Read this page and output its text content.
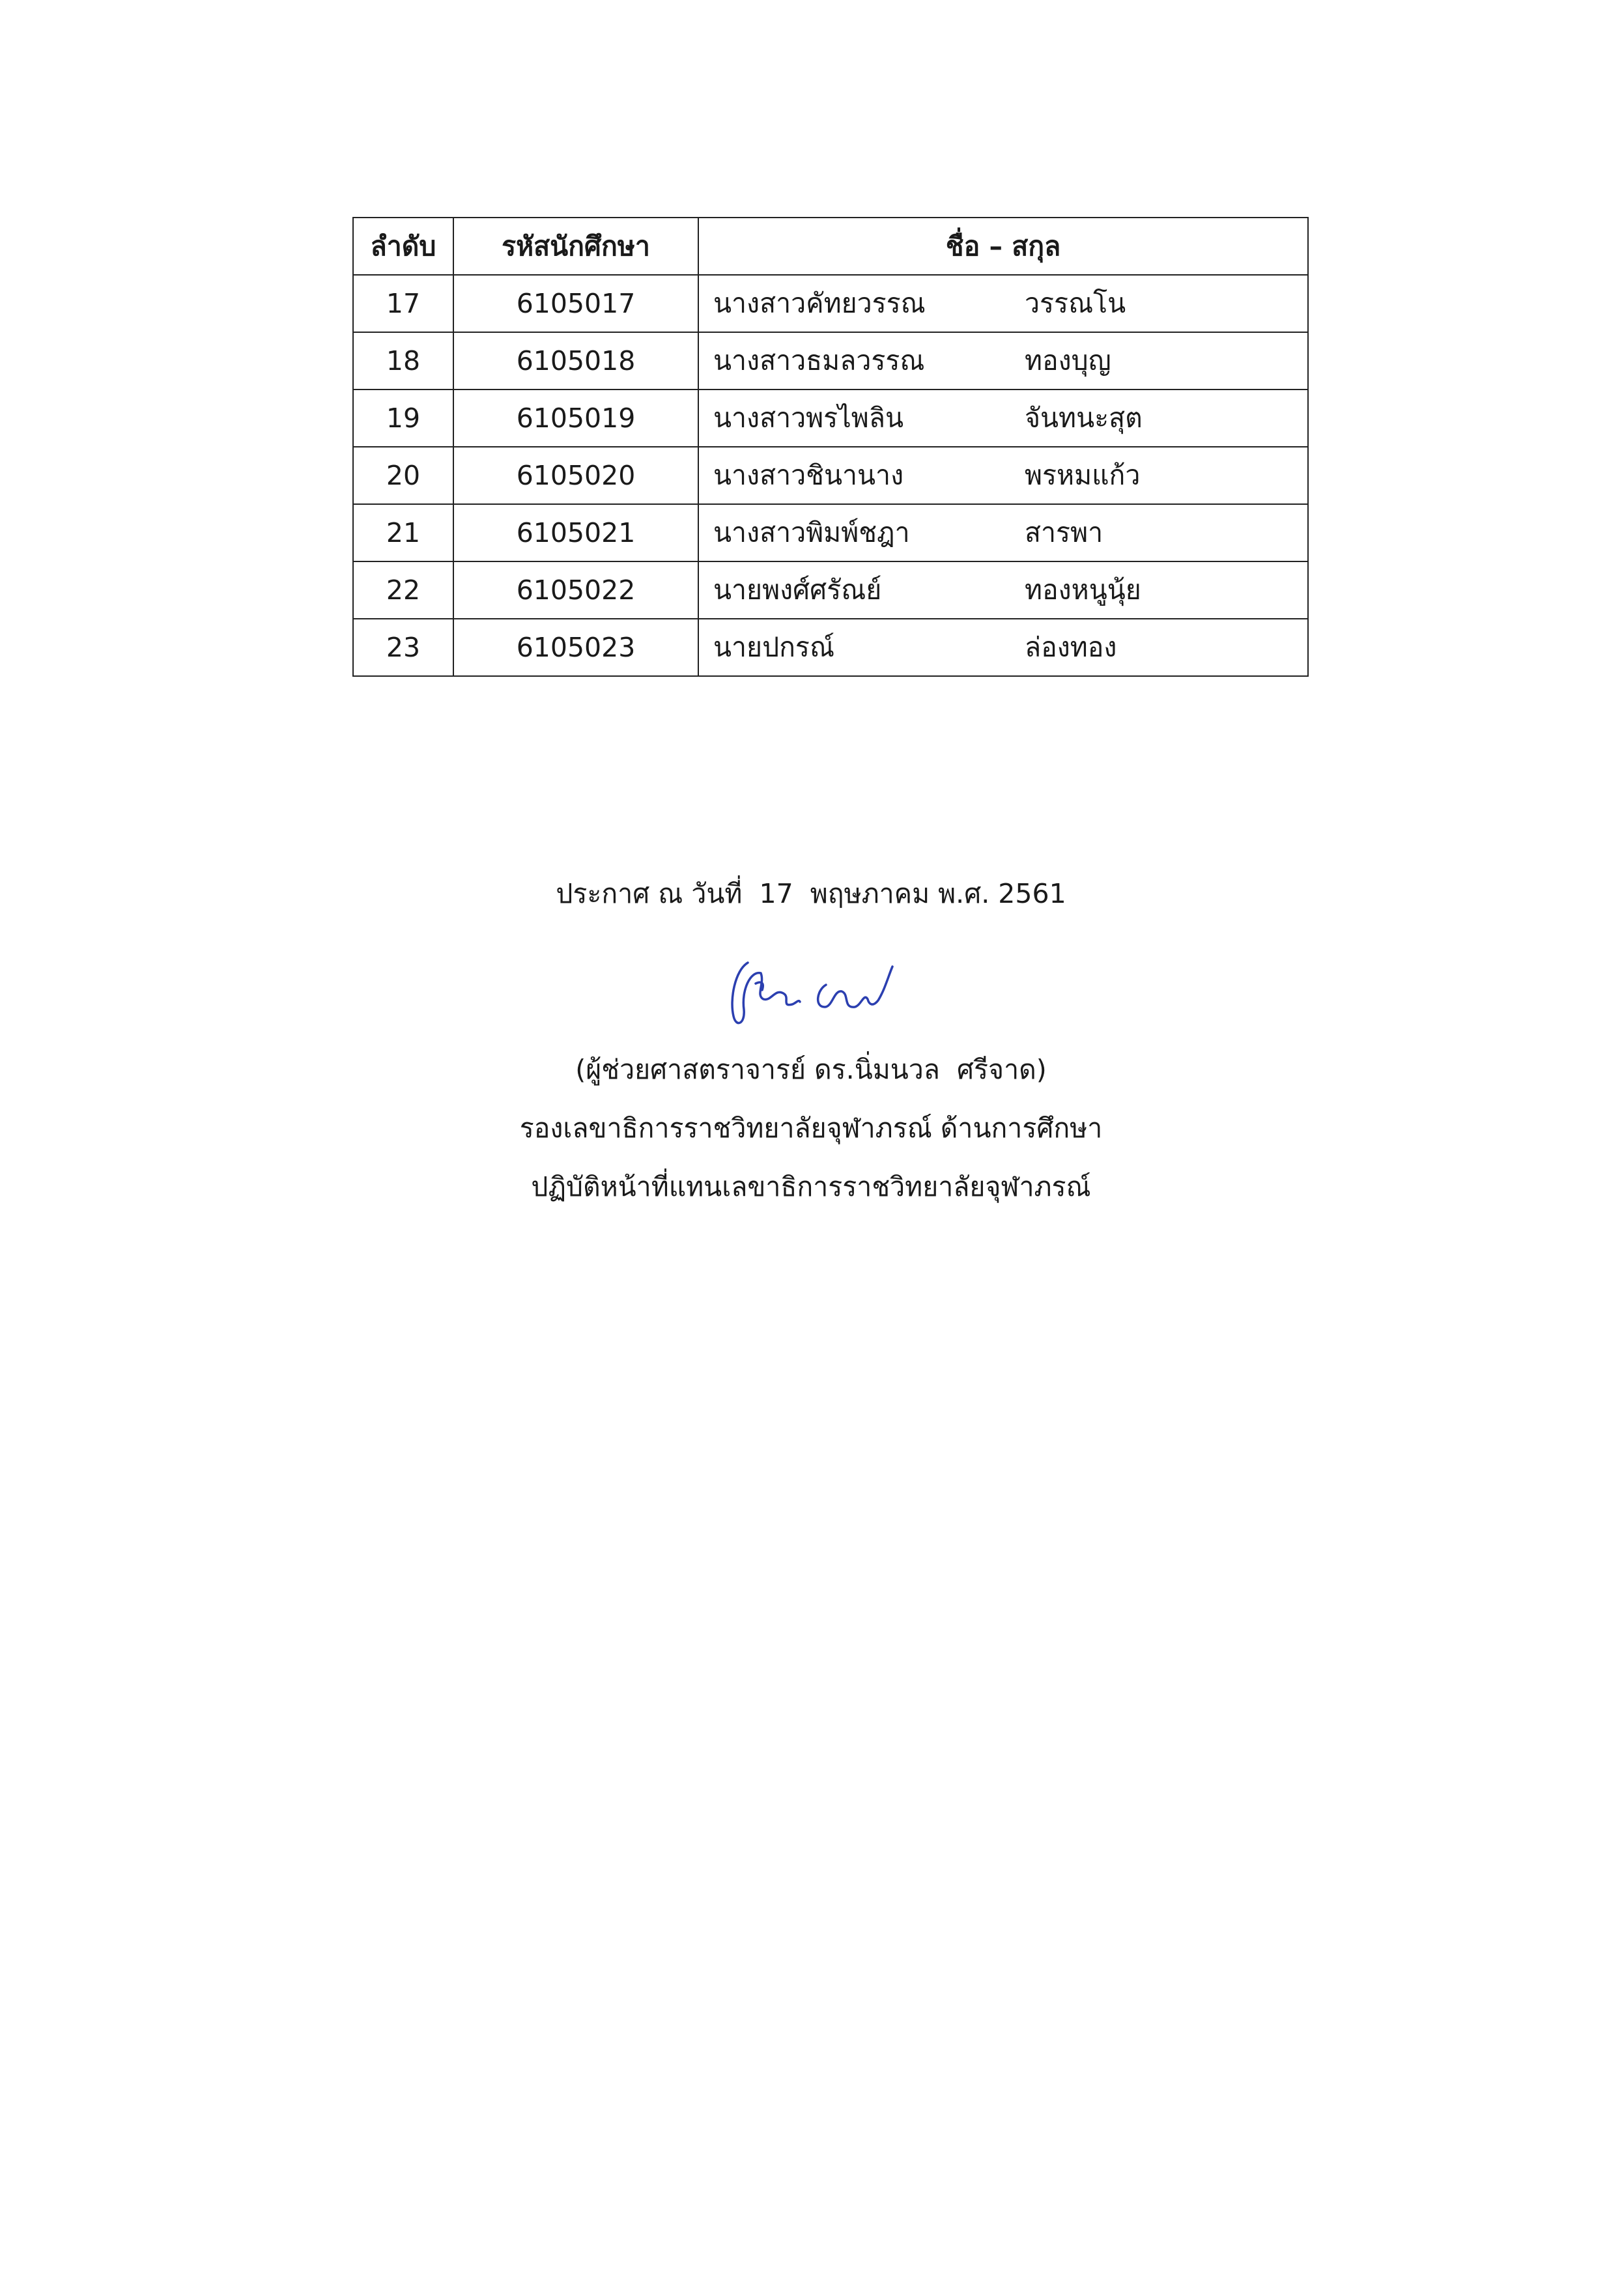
ลำดับ	รหัสนักศึกษา	ชื่อ – สกุล
17	6105017	นางสาวคัทยวรรณ วรรณโน

18	6105018	นางสาวธมลวรรณ ทองบุญ

19	6105019	นางสาวพรไพลิน จันทนะสุต

20	6105020	นางสาวชินานาง พรหมแก้ว

21	6105021	นางสาวพิมพ์ชฎา สารพา

22	6105022	นายพงศ์ศรัณย์ ทองหนูนุ้ย

23	6105023	นายปกรณ์ ล่องทอง
ประกาศ ณ วันที่  17  พฤษภาคม พ.ศ. 2561
(ผู้ช่วยศาสตราจารย์ ดร.นิ่มนวล  ศรีจาด)
รองเลขาธิการราชวิทยาลัยจุฬาภรณ์ ด้านการศึกษา
ปฏิบัติหน้าที่แทนเลขาธิการราชวิทยาลัยจุฬาภรณ์
